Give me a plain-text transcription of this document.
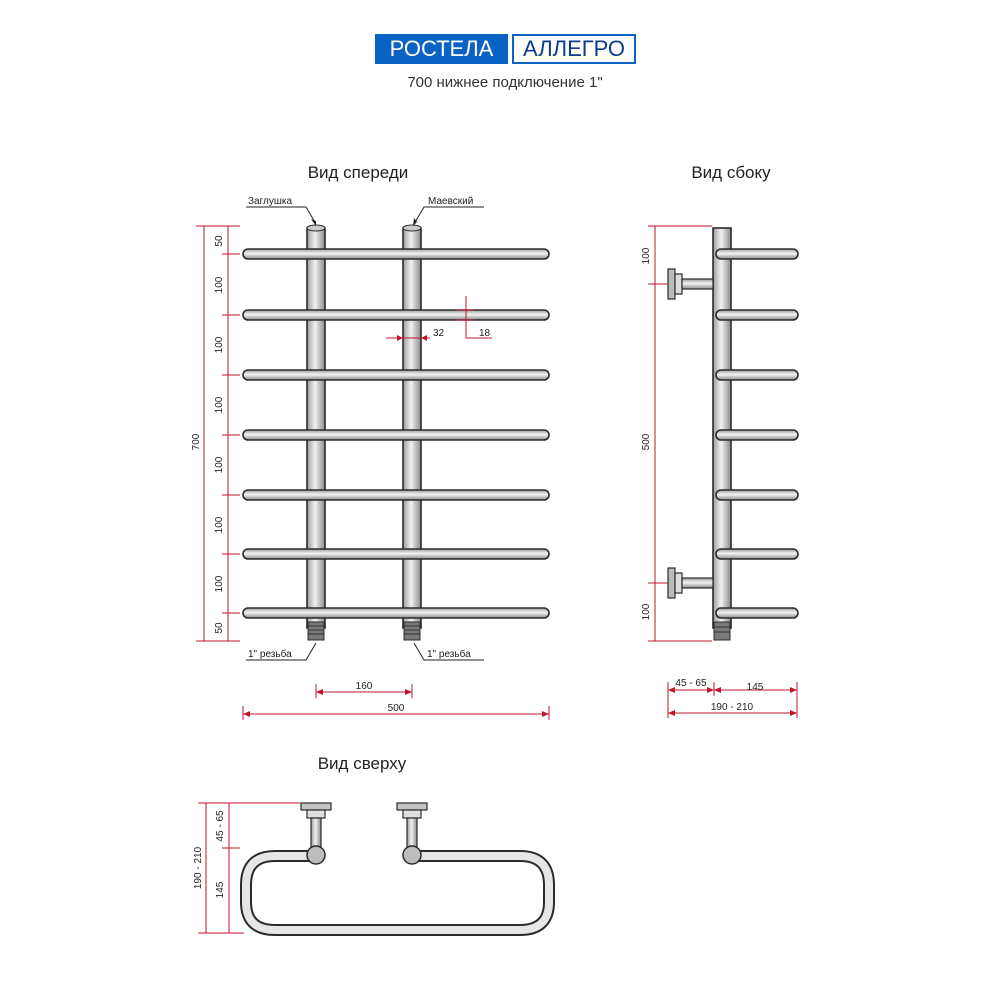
РОСТЕЛА	АЛЛЕГРО
700 нижнее подключение 1"
Вид спереди
Заглушка	Маевский
1" резьба	1" резьба
700
50
100
100
100
100
100
100
50
32	18
160
500
Вид сбоку
100
500
100
45 - 65	145
190 - 210
Вид сверху
190 - 210
45 - 65
145
